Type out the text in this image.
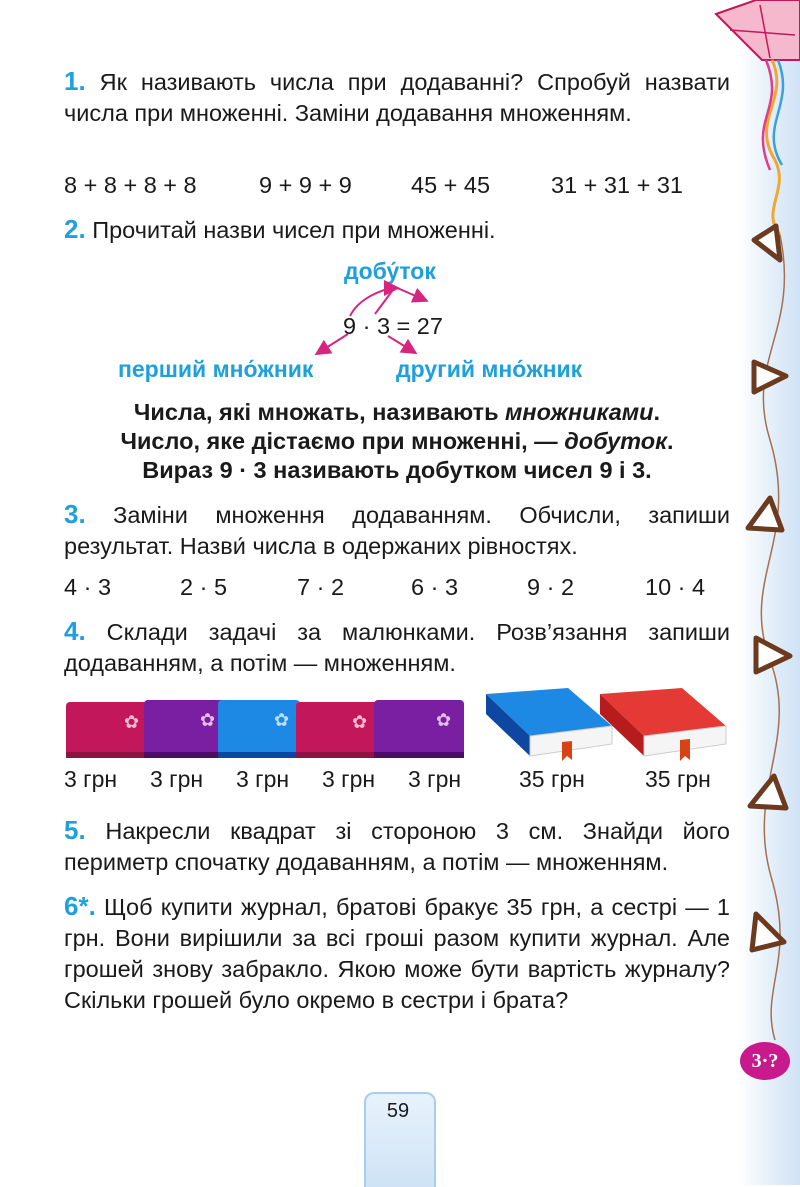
1. Як називають числа при додаванні? Спробуй назвати числа при множенні. Заміни додавання множенням.

8 + 8 + 8 + 8	9 + 9 + 9	45 + 45	31 + 31 + 31

2. Прочитай назви чисел при множенні.

добу́ток
9 · 3 = 27
перший мно́жник	другий мно́жник
Числа, які множать, називають множниками.
Число, яке дістаємо при множенні, — добуток.
Вираз 9 · 3 називають добутком чисел 9 і 3.

3. Заміни множення додаванням. Обчисли, запиши результат. Назви́ числа в одержаних рівностях.

4 · 3	2 · 5	7 · 2	6 · 3	9 · 2	10 · 4

4. Склади задачі за малюнками. Розв’язання запиши додаванням, а потім — множенням.

✿	✿	✿	✿	✿
3 грн 3 грн 3 грн 3 грн 3 грн	35 грн	35 грн

5. Накресли квадрат зі стороною 3 см. Знайди його периметр спочатку додаванням, а потім — множенням.

6*. Щоб купити журнал, братові бракує 35 грн, а сестрі — 1 грн. Вони вирішили за всі гроші разом купити журнал. Але грошей знову забракло. Якою може бути вартість журналу? Скільки грошей було окремо в сестри і брата?

59
3·?
